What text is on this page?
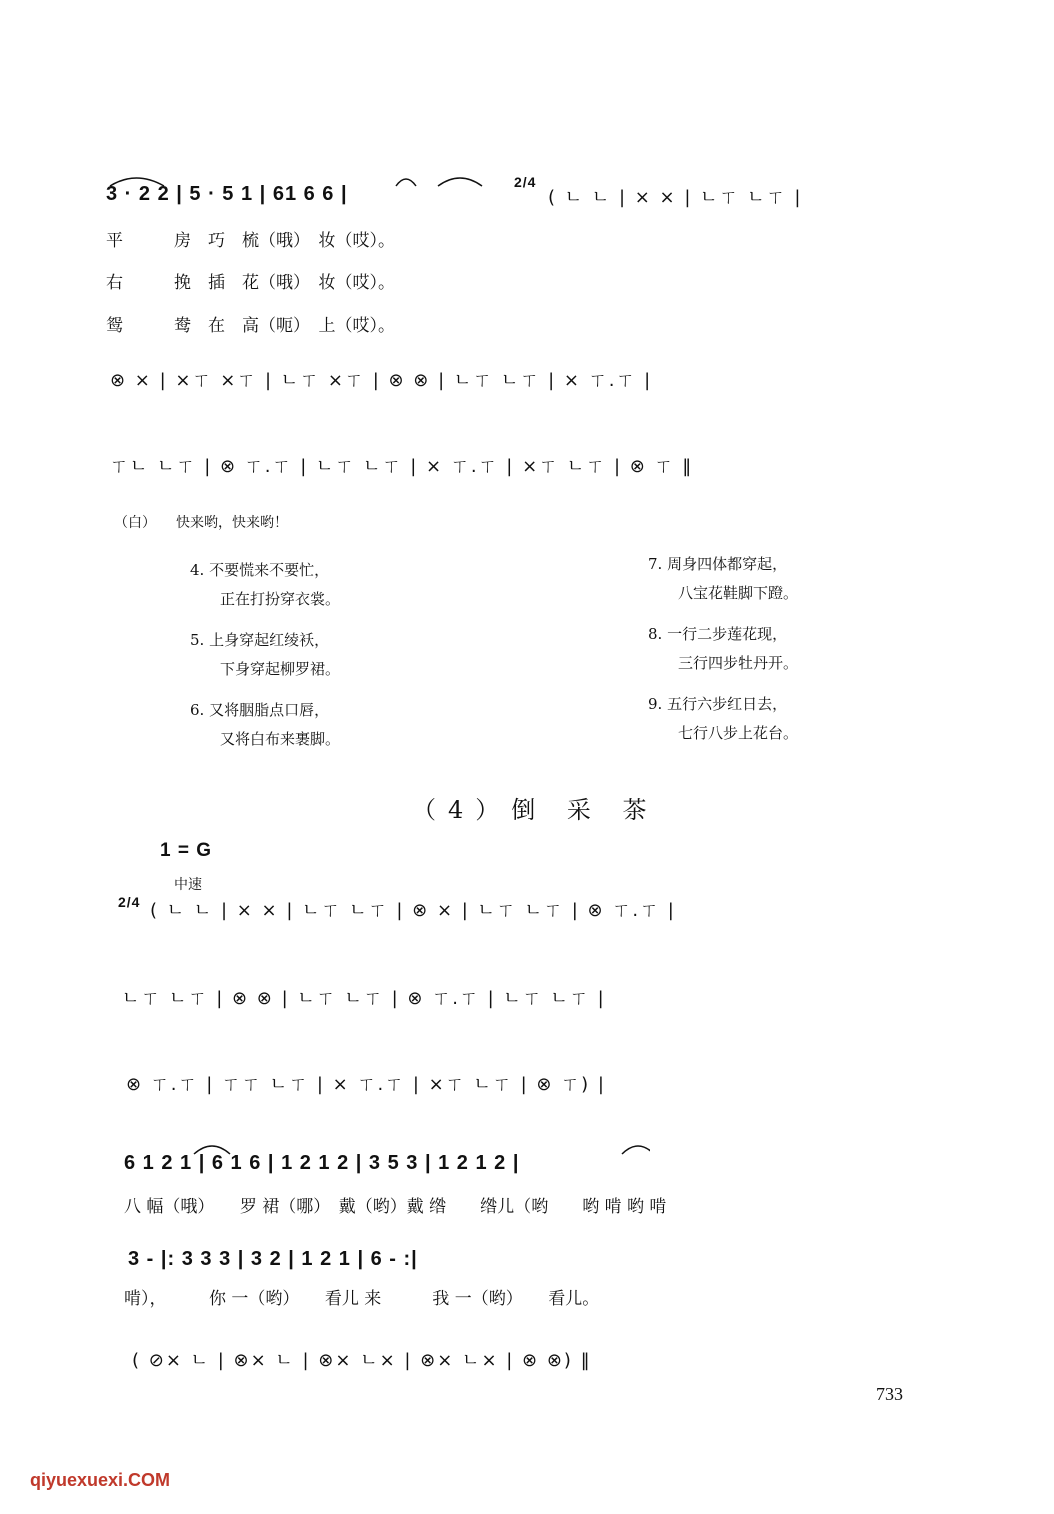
3 · 2 2 | 5 · 5 1 | 61 6 6 |
2/4
( ㄴ ㄴ | × × | ㄴㄒ ㄴㄒ |
平　　　房　巧　梳（哦）　妆（哎）。
右　　　挽　插　花（哦）　妆（哎）。
鸳　　　鸯　在　高（呃）　上（哎）。
⊗ × | ×ㄒ ×ㄒ | ㄴㄒ ×ㄒ | ⊗ ⊗ | ㄴㄒ ㄴㄒ | × ㄒ.ㄒ |
ㄒㄴ ㄴㄒ | ⊗ ㄒ.ㄒ | ㄴㄒ ㄴㄒ | × ㄒ.ㄒ | ×ㄒ ㄴㄒ | ⊗ ㄒ ‖
（白） 快来哟，快来哟！
4. 不要慌来不要忙，
正在打扮穿衣裳。
5. 上身穿起红绫袄，
下身穿起柳罗裙。
6. 又将胭脂点口唇，
又将白布来裹脚。
7. 周身四体都穿起，
八宝花鞋脚下蹬。
8. 一行二步莲花现，
三行四步牡丹开。
9. 五行六步红日去，
七行八步上花台。
（4）倒 采 茶
1 = G
中速
2/4 ( ㄴ ㄴ | × × | ㄴㄒ ㄴㄒ | ⊗ × | ㄴㄒ ㄴㄒ | ⊗ ㄒ.ㄒ |
ㄴㄒ ㄴㄒ | ⊗ ⊗ | ㄴㄒ ㄴㄒ | ⊗ ㄒ.ㄒ | ㄴㄒ ㄴㄒ |
⊗ ㄒ.ㄒ | ㄒㄒ ㄴㄒ | × ㄒ.ㄒ | ×ㄒ ㄴㄒ | ⊗ ㄒ) |
6 1 2 1 | 6 1 6 | 1 2 1 2 | 3 5 3 | 1 2 1 2 |
八 幅（哦）　　罗 裙（哪）　戴（哟）戴 绺　　绺儿（哟　　哟 啃 哟 啃
3 - |: 3 3 3 | 3 2 | 1 2 1 | 6 - :|
啃），　　　你 一（哟）　　看儿 来　　　我 一（哟）　　看儿。
( ⊘× ㄴ | ⊗× ㄴ | ⊗× ㄴ× | ⊗× ㄴ× | ⊗ ⊗) ‖
733
qiyuexuexi.COM
